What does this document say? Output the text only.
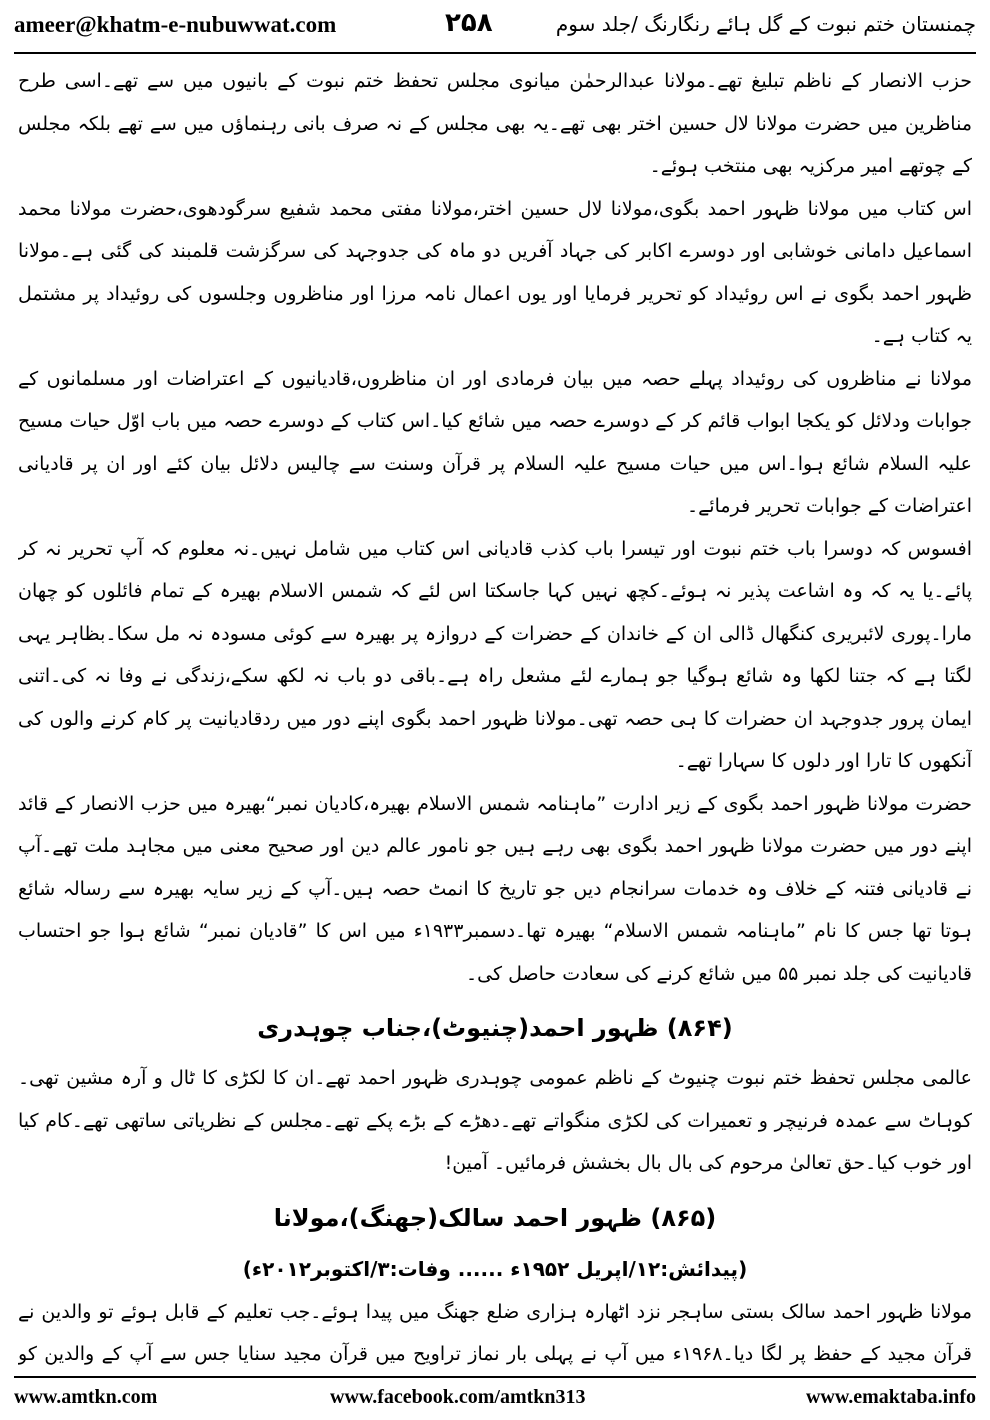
ameer@khatm-e-nubuwwat.com	۲۵۸	چمنستان ختم نبوت کے گل ہائے رنگارنگ /جلد سوم

حزب الانصار کے ناظم تبلیغ تھے۔مولانا عبدالرحمٰن میانوی مجلس تحفظ ختم نبوت کے بانیوں میں سے تھے۔اسی طرح مناظرین میں حضرت مولانا لال حسین اختر بھی تھے۔یہ بھی مجلس کے نہ صرف بانی رہنماؤں میں سے تھے بلکہ مجلس کے چوتھے امیر مرکزیہ بھی منتخب ہوئے۔

اس کتاب میں مولانا ظہور احمد بگوی،مولانا لال حسین اختر،مولانا مفتی محمد شفیع سرگودھوی،حضرت مولانا محمد اسماعیل دامانی خوشابی اور دوسرے اکابر کی جہاد آفریں دو ماہ کی جدوجہد کی سرگزشت قلمبند کی گئی ہے۔مولانا ظہور احمد بگوی نے اس روئیداد کو تحریر فرمایا اور یوں اعمال نامہ مرزا اور مناظروں وجلسوں کی روئیداد پر مشتمل یہ کتاب ہے۔

مولانا نے مناظروں کی روئیداد پہلے حصہ میں بیان فرمادی اور ان مناظروں،قادیانیوں کے اعتراضات اور مسلمانوں کے جوابات ودلائل کو یکجا ابواب قائم کر کے دوسرے حصہ میں شائع کیا۔اس کتاب کے دوسرے حصہ میں باب اوّل حیات مسیح علیہ السلام شائع ہوا۔اس میں حیات مسیح علیہ السلام پر قرآن وسنت سے چالیس دلائل بیان کئے اور ان پر قادیانی اعتراضات کے جوابات تحریر فرمائے۔

افسوس کہ دوسرا باب ختم نبوت اور تیسرا باب کذب قادیانی اس کتاب میں شامل نہیں۔نہ معلوم کہ آپ تحریر نہ کر پائے۔یا یہ کہ وہ اشاعت پذیر نہ ہوئے۔کچھ نہیں کہا جاسکتا اس لئے کہ شمس الاسلام بھیرہ کے تمام فائلوں کو چھان مارا۔پوری لائبریری کنگھال ڈالی ان کے خاندان کے حضرات کے دروازہ پر بھیرہ سے کوئی مسودہ نہ مل سکا۔بظاہر یہی لگتا ہے کہ جتنا لکھا وہ شائع ہوگیا جو ہمارے لئے مشعل راہ ہے۔باقی دو باب نہ لکھ سکے،زندگی نے وفا نہ کی۔اتنی ایمان پرور جدوجہد ان حضرات کا ہی حصہ تھی۔مولانا ظہور احمد بگوی اپنے دور میں ردقادیانیت پر کام کرنے والوں کی آنکھوں کا تارا اور دلوں کا سہارا تھے۔

حضرت مولانا ظہور احمد بگوی کے زیر ادارت ”ماہنامہ شمس الاسلام بھیرہ،کادیان نمبر“بھیرہ میں حزب الانصار کے قائد اپنے دور میں حضرت مولانا ظہور احمد بگوی بھی رہے ہیں جو نامور عالم دین اور صحیح معنی میں مجاہد ملت تھے۔آپ نے قادیانی فتنہ کے خلاف وہ خدمات سرانجام دیں جو تاریخ کا انمٹ حصہ ہیں۔آپ کے زیر سایہ بھیرہ سے رسالہ شائع ہوتا تھا جس کا نام ”ماہنامہ شمس الاسلام“ بھیرہ تھا۔دسمبر۱۹۳۳ء میں اس کا ”قادیان نمبر“ شائع ہوا جو احتساب قادیانیت کی جلد نمبر ۵۵ میں شائع کرنے کی سعادت حاصل کی۔

(۸۶۴) ظہور احمد(چنیوٹ)،جناب چوہدری

عالمی مجلس تحفظ ختم نبوت چنیوٹ کے ناظم عمومی چوہدری ظہور احمد تھے۔ان کا لکڑی کا ٹال و آرہ مشین تھی۔کوہاٹ سے عمدہ فرنیچر و تعمیرات کی لکڑی منگواتے تھے۔دھڑے کے بڑے پکے تھے۔مجلس کے نظریاتی ساتھی تھے۔کام کیا اور خوب کیا۔حق تعالیٰ مرحوم کی بال بال بخشش فرمائیں۔ آمین!

(۸۶۵) ظہور احمد سالک(جھنگ)،مولانا

(پیدائش:۱۲/اپریل ۱۹۵۲ء ...... وفات:۳/اکتوبر۲۰۱۲ء)

مولانا ظہور احمد سالک بستی ساہجر نزد اٹھارہ ہزاری ضلع جھنگ میں پیدا ہوئے۔جب تعلیم کے قابل ہوئے تو والدین نے قرآن مجید کے حفظ پر لگا دیا۔۱۹۶۸ء میں آپ نے پہلی بار نماز تراویح میں قرآن مجید سنایا جس سے آپ کے والدین کو

www.amtkn.com	www.facebook.com/amtkn313	www.emaktaba.info
